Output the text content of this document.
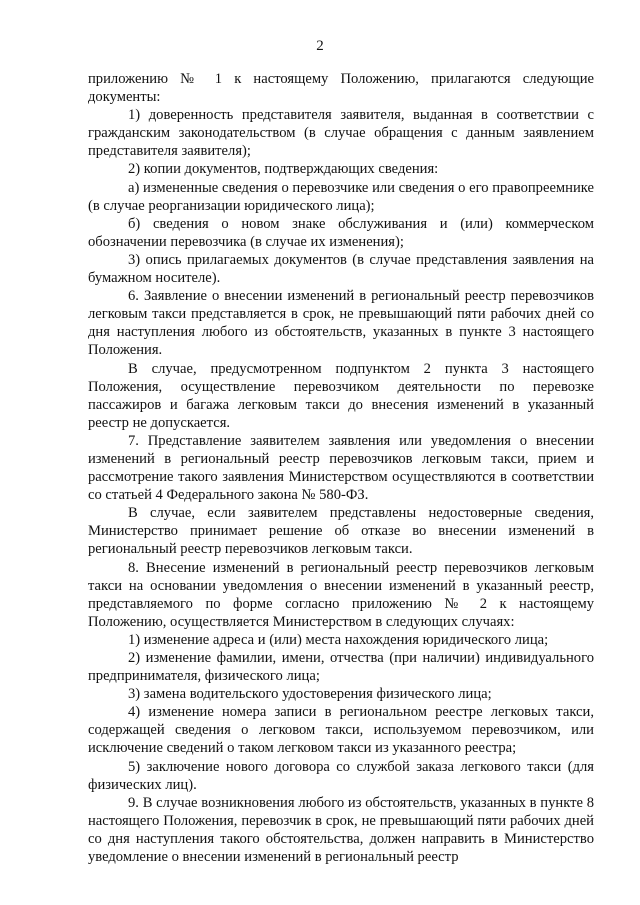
2

приложению № 1 к настоящему Положению, прилагаются следующие документы:

1) доверенность представителя заявителя, выданная в соответствии с гражданским законодательством (в случае обращения с данным заявлением представителя заявителя);

2) копии документов, подтверждающих сведения:

а) измененные сведения о перевозчике или сведения о его правопреемнике (в случае реорганизации юридического лица);

б) сведения о новом знаке обслуживания и (или) коммерческом обозначении перевозчика (в случае их изменения);

3) опись прилагаемых документов (в случае представления заявления на бумажном носителе).

6. Заявление о внесении изменений в региональный реестр перевозчиков легковым такси представляется в срок, не превышающий пяти рабочих дней со дня наступления любого из обстоятельств, указанных в пункте 3 настоящего Положения.

В случае, предусмотренном подпунктом 2 пункта 3 настоящего Положения, осуществление перевозчиком деятельности по перевозке пассажиров и багажа легковым такси до внесения изменений в указанный реестр не допускается.

7. Представление заявителем заявления или уведомления о внесении изменений в региональный реестр перевозчиков легковым такси, прием и рассмотрение такого заявления Министерством осуществляются в соответствии со статьей 4 Федерального закона № 580-ФЗ.

В случае, если заявителем представлены недостоверные сведения, Министерство принимает решение об отказе во внесении изменений в региональный реестр перевозчиков легковым такси.

8. Внесение изменений в региональный реестр перевозчиков легковым такси на основании уведомления о внесении изменений в указанный реестр, представляемого по форме согласно приложению № 2 к настоящему Положению, осуществляется Министерством в следующих случаях:

1) изменение адреса и (или) места нахождения юридического лица;

2) изменение фамилии, имени, отчества (при наличии) индивидуального предпринимателя, физического лица;

3) замена водительского удостоверения физического лица;

4) изменение номера записи в региональном реестре легковых такси, содержащей сведения о легковом такси, используемом перевозчиком, или исключение сведений о таком легковом такси из указанного реестра;

5) заключение нового договора со службой заказа легкового такси (для физических лиц).

9. В случае возникновения любого из обстоятельств, указанных в пункте 8 настоящего Положения, перевозчик в срок, не превышающий пяти рабочих дней со дня наступления такого обстоятельства, должен направить в Министерство уведомление о внесении изменений в региональный реестр
